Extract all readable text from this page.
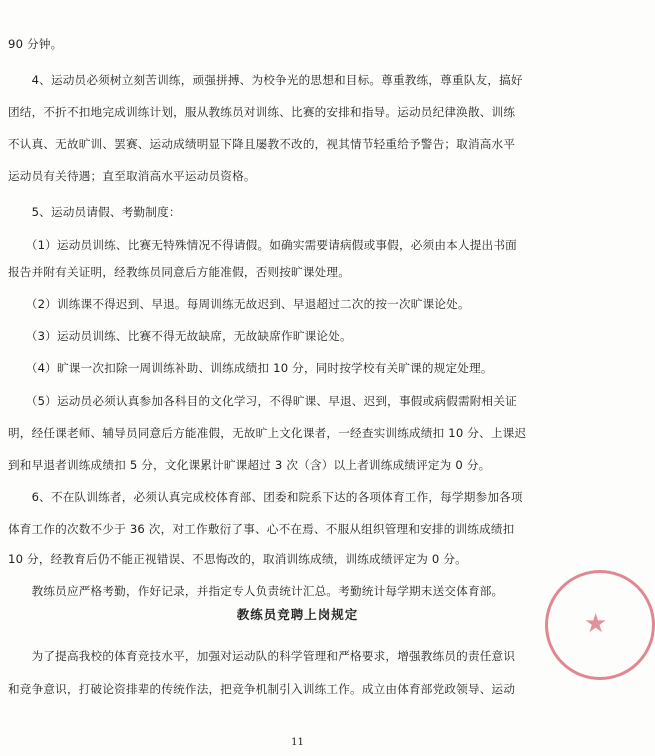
90 分钟。
　　4、运动员必须树立刻苦训练，顽强拼搏、为校争光的思想和目标。尊重教练，尊重队友，搞好
团结，不折不扣地完成训练计划，服从教练员对训练、比赛的安排和指导。运动员纪律涣散、训练
不认真、无故旷训、罢赛、运动成绩明显下降且屡教不改的，视其情节轻重给予警告；取消高水平
运动员有关待遇；直至取消高水平运动员资格。
　　5、运动员请假、考勤制度：
　　（1）运动员训练、比赛无特殊情况不得请假。如确实需要请病假或事假，必须由本人提出书面
报告并附有关证明，经教练员同意后方能准假，否则按旷课处理。
　　（2）训练课不得迟到、早退。每周训练无故迟到、早退超过二次的按一次旷课论处。
　　（3）运动员训练、比赛不得无故缺席，无故缺席作旷课论处。
　　（4）旷课一次扣除一周训练补助、训练成绩扣 10 分，同时按学校有关旷课的规定处理。
　　（5）运动员必须认真参加各科目的文化学习，不得旷课、早退、迟到，事假或病假需附相关证
明，经任课老师、辅导员同意后方能准假，无故旷上文化课者，一经查实训练成绩扣 10 分、上课迟
到和早退者训练成绩扣 5 分，文化课累计旷课超过 3 次（含）以上者训练成绩评定为 0 分。
　　6、不在队训练者，必须认真完成校体育部、团委和院系下达的各项体育工作，每学期参加各项
体育工作的次数不少于 36 次，对工作敷衍了事、心不在焉、不服从组织管理和安排的训练成绩扣
10 分，经教育后仍不能正视错误、不思悔改的，取消训练成绩，训练成绩评定为 0 分。
　　教练员应严格考勤，作好记录，并指定专人负责统计汇总。考勤统计每学期末送交体育部。
教练员竞聘上岗规定
　　为了提高我校的体育竞技水平，加强对运动队的科学管理和严格要求，增强教练员的责任意识
和竞争意识，打破论资排辈的传统作法，把竞争机制引入训练工作。成立由体育部党政领导、运动
11
★
